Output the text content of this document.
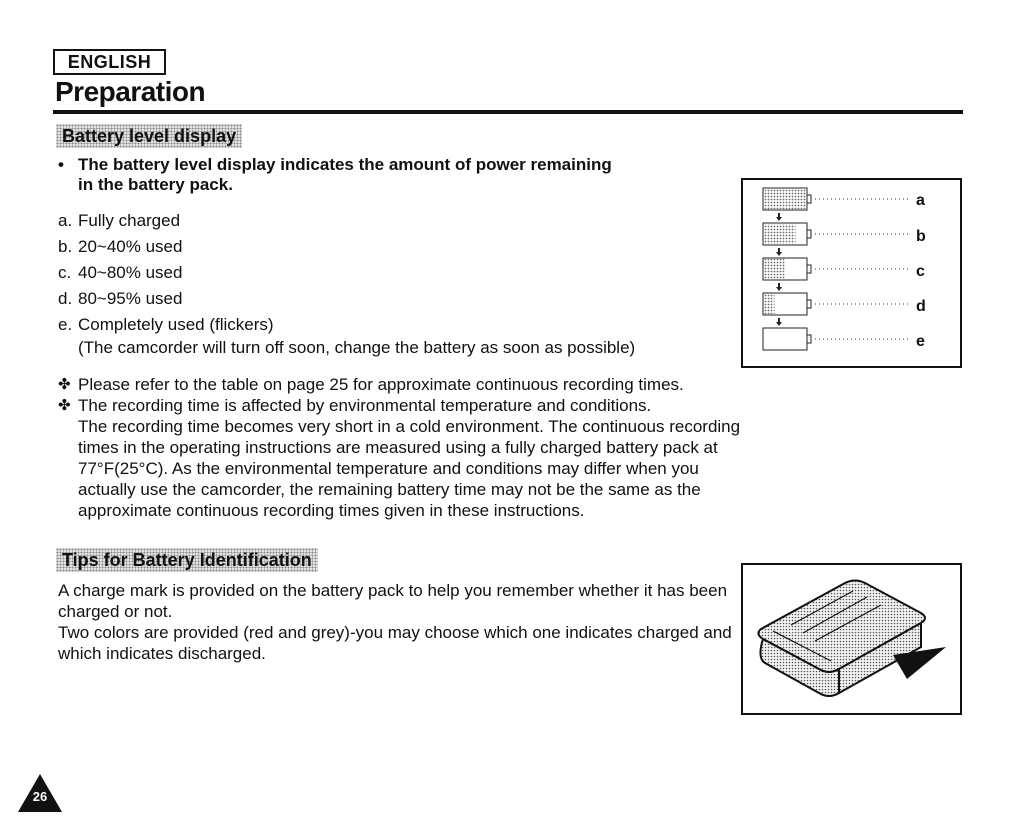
ENGLISH
Preparation
Battery level display
• The battery level display indicates the amount of power remaining
in the battery pack.
a. Fully charged
b. 20~40% used
c. 40~80% used
d. 80~95% used
e. Completely used (flickers)
(The camcorder will turn off soon, change the battery as soon as possible)
a
b
c
d
e
✤ Please refer to the table on page 25 for approximate continuous recording times.
✤ The recording time is affected by environmental temperature and conditions.
The recording time becomes very short in a cold environment. The continuous recording
times in the operating instructions are measured using a fully charged battery pack at
77°F(25°C). As the environmental temperature and conditions may differ when you
actually use the camcorder, the remaining battery time may not be the same as the
approximate continuous recording times given in these instructions.
Tips for Battery Identification
A charge mark is provided on the battery pack to help you remember whether it has been
charged or not.
Two colors are provided (red and grey)-you may choose which one indicates charged and
which indicates discharged.
26
